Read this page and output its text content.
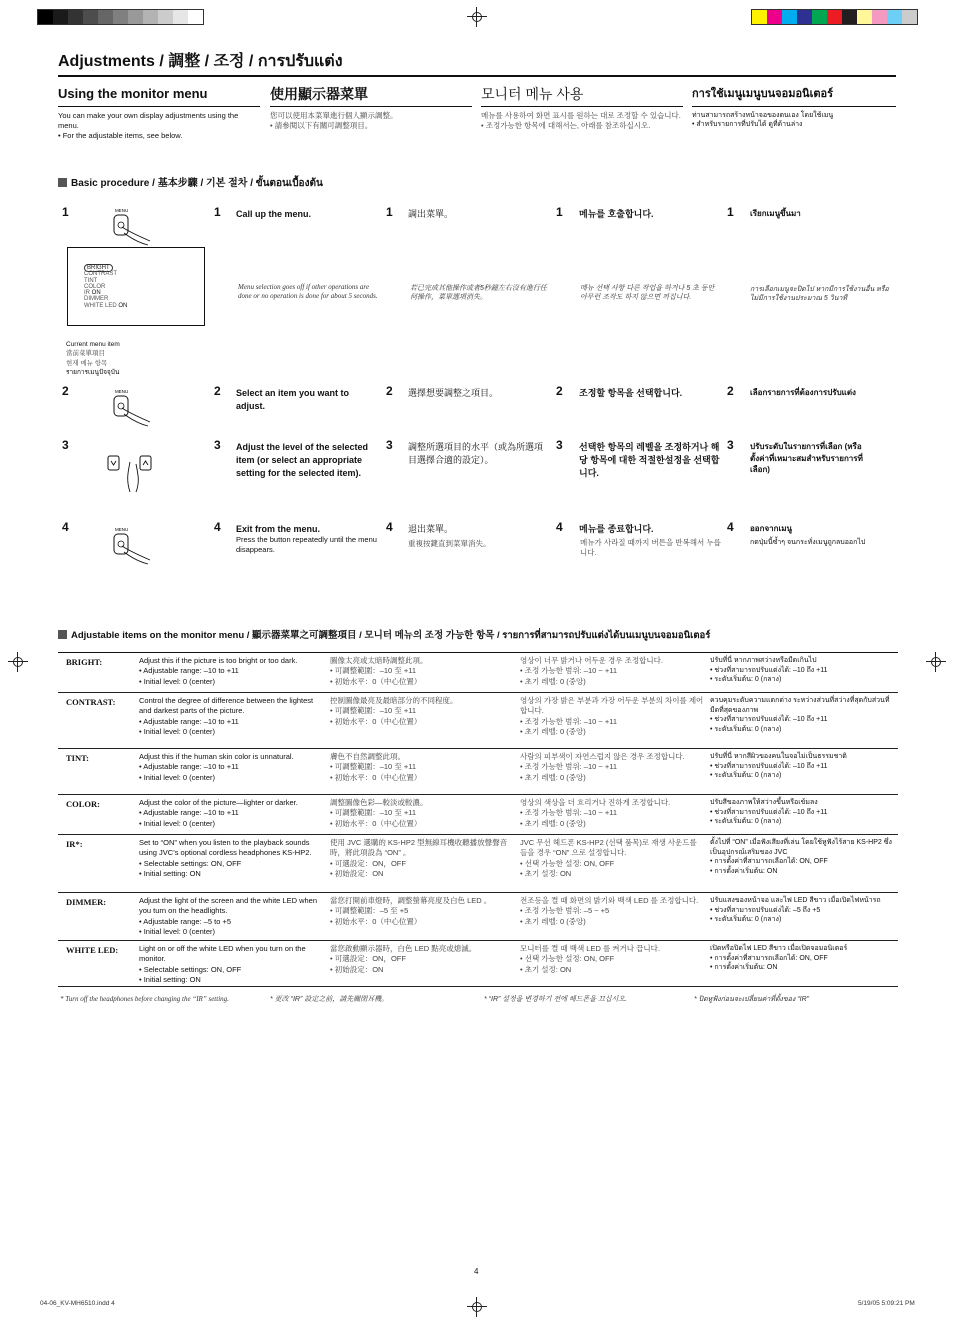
Adjustments / 調整 / 조정 / การปรับแต่ง
Using the monitor menu
You can make your own display adjustments using the menu.
• For the adjustable items, see below.
使用顯示器菜單
您可以使用本菜單進行個人顯示調整。
• 請參閱以下有關可調整項目。
모니터 메뉴 사용
메뉴를 사용하여 화면 표시를 원하는 대로 조정할 수 있습니다.
• 조정가능한 항목에 대해서는, 아래를 참조하십시오.
การใช้เมนูเมนูบนจอมอนิเตอร์
ท่านสามารถสร้างหน้าจอของตนเอง โดยใช้เมนู
• สำหรับรายการที่ปรับได้ ดูที่ด้านล่าง
Basic procedure / 基本步驟 / 기본 절차 / ขั้นตอนเบื้องต้น
1	MENU
BRIGHT
CONTRAST
TINT
COLOR
IR ON
DIMMER
WHITE LED ON
Current menu item
當前菜單項目
현재 메뉴 항목
รายการเมนูปัจจุบัน
1 Call up the menu.
Menu selection goes off if other operations are done or no operation is done for about 5 seconds.
1 調出菜單。
若已完成其他操作或者5秒鐘左右沒有進行任何操作，菜單選項消失。
1 메뉴를 호출합니다.
메뉴 선택 사항 다른 작업을 하거나 5 초 동안 아무런 조작도 하지 않으면 꺼집니다.
1 เรียกเมนูขึ้นมา
การเลือกเมนูจะปิดไป หากมีการใช้งานอื่น หรือไม่มีการใช้งานประมาณ 5 วินาที
2	MENU	2 Select an item you want to adjust.
2 選擇想要調整之項目。	2 조정할 항목을 선택합니다.	2 เลือกรายการที่ต้องการปรับแต่ง
3	3 Adjust the level of the selected item (or select an appropriate setting for the selected item).
3 調整所選項目的水平（或為所選項目選擇合適的設定）。
3 선택한 항목의 레벨을 조정하거나 해당 항목에 대한 적절한설정을 선택합니다.
3 ปรับระดับในรายการที่เลือก (หรือตั้งค่าที่เหมาะสมสำหรับรายการที่เลือก)
4	MENU	4 Exit from the menu.
Press the button repeatedly until the menu disappears.
4 退出菜單。
重複按鍵直到菜單消失。
4 메뉴를 종료합니다.
메뉴가 사라질 때까지 버튼을 반복해서 누릅니다.
4 ออกจากเมนู
กดปุ่มนี้ซ้ำๆ จนกระทั่งเมนูถูกลบออกไป
Adjustable items on the monitor menu / 顯示器菜單之可調整項目 / 모니터 메뉴의 조정 가능한 항목 / รายการที่สามารถปรับแต่งได้บนเมนูบนจอมอนิเตอร์
BRIGHT:	Adjust this if the picture is too bright or too dark.
• Adjustable range: –10 to +11
• Initial level: 0 (center)
圖像太亮或太暗時調整此項。
• 可調整範圍：–10 至 +11
• 初始水平：0（中心位置）
영상이 너무 밝거나 어두운 경우 조정합니다.
• 조정 가능한 범위: –10 ~ +11
• 초기 레벨: 0 (중앙)
ปรับที่นี่ หากภาพสว่างหรือมืดเกินไป
• ช่วงที่สามารถปรับแต่งได้: –10 ถึง +11
• ระดับเริ่มต้น: 0 (กลาง)
CONTRAST:	Control the degree of difference between the lightest and darkest parts of the picture.
• Adjustable range: –10 to +11
• Initial level: 0 (center)
控制圖像最亮及最暗部分的不同程度。
• 可調整範圍：–10 至 +11
• 初始水平：0（中心位置）
영상의 가장 밝은 부분과 가장 어두운 부분의 차이를 제어합니다.
• 조정 가능한 범위: –10 ~ +11
• 초기 레벨: 0 (중앙)
ควบคุมระดับความแตกต่าง ระหว่างส่วนที่สว่างที่สุดกับส่วนที่มืดที่สุดของภาพ
• ช่วงที่สามารถปรับแต่งได้: –10 ถึง +11
• ระดับเริ่มต้น: 0 (กลาง)
TINT:	Adjust this if the human skin color is unnatural.
• Adjustable range: –10 to +11
• Initial level: 0 (center)
膚色不自然調整此項。
• 可調整範圍：–10 至 +11
• 初始水平：0（中心位置）
사람의 피부색이 자연스럽지 않은 경우 조정합니다.
• 조정 가능한 범위: –10 ~ +11
• 초기 레벨: 0 (중앙)
ปรับที่นี่ หากสีผิวของคนในจอไม่เป็นธรรมชาติ
• ช่วงที่สามารถปรับแต่งได้: –10 ถึง +11
• ระดับเริ่มต้น: 0 (กลาง)
COLOR:	Adjust the color of the picture—lighter or darker.
• Adjustable range: –10 to +11
• Initial level: 0 (center)
調整圖像色彩—較淡或較濃。
• 可調整範圍：–10 至 +11
• 初始水平：0（中心位置）
영상의 색상을 더 흐리거나 진하게 조정합니다.
• 조정 가능한 범위: –10 ~ +11
• 초기 레벨: 0 (중앙)
ปรับสีของภาพให้สว่างขึ้นหรือเข้มลง
• ช่วงที่สามารถปรับแต่งได้: –10 ถึง +11
• ระดับเริ่มต้น: 0 (กลาง)
IR*:	Set to “ON” when you listen to the playback sounds using JVC’s optional cordless headphones KS-HP2.
• Selectable settings: ON, OFF
• Initial setting: ON
使用 JVC 選購的 KS-HP2 型無線耳機收聽播放聲聲音時，將此項設為 “ON” 。
• 可選設定：ON，OFF
• 初始設定：ON
JVC 무선 헤드폰 KS-HP2 (선택 품목)로 재생 사운드를 들을 경우 “ON” 으로 설정합니다.
• 선택 가능한 설정: ON, OFF
• 초기 설정: ON
ตั้งไปที่ “ON” เมื่อฟังเสียงที่เล่น โดยใช้หูฟังไร้สาย KS-HP2 ซึ่งเป็นอุปกรณ์เสริมของ JVC
• การตั้งค่าที่สามารถเลือกได้: ON, OFF
• การตั้งค่าเริ่มต้น: ON
DIMMER:	Adjust the light of the screen and the white LED when you turn on the headlights.
• Adjustable range: –5 to +5
• Initial level: 0 (center)
當您打開前車燈時，調整螢幕亮度及白色 LED 。
• 可調整範圍：–5 至 +5
• 初始水平：0（中心位置）
전조등을 켤 때 화면의 밝기와 백색 LED 를 조정합니다.
• 조정 가능한 범위: –5 ~ +5
• 초기 레벨: 0 (중앙)
ปรับแสงของหน้าจอ และไฟ LED สีขาว เมื่อเปิดไฟหน้ารถ
• ช่วงที่สามารถปรับแต่งได้: –5 ถึง +5
• ระดับเริ่มต้น: 0 (กลาง)
WHITE LED:	Light on or off the white LED when you turn on the monitor.
• Selectable settings: ON, OFF
• Initial setting: ON
當您啟動顯示器時，白色 LED 點亮或熄滅。
• 可選設定：ON，OFF
• 初始設定：ON
모니터를 켤 때 백색 LED 를 켜거나 끕니다.
• 선택 가능한 설정: ON, OFF
• 초기 설정: ON
เปิดหรือปิดไฟ LED สีขาว เมื่อเปิดจอมอนิเตอร์
• การตั้งค่าที่สามารถเลือกได้: ON, OFF
• การตั้งค่าเริ่มต้น: ON
* Turn off the headphones before changing the “IR” setting.	* 更改 “IR” 設定之前，請先關閉耳機。	* “IR” 설정을 변경하기 전에 헤드폰을 끄십시오.	* ปิดหูฟังก่อนจะเปลี่ยนค่าที่ตั้งของ “IR”
4
04-06_KV-MH6510.indd 4	5/19/05 5:09:21 PM
